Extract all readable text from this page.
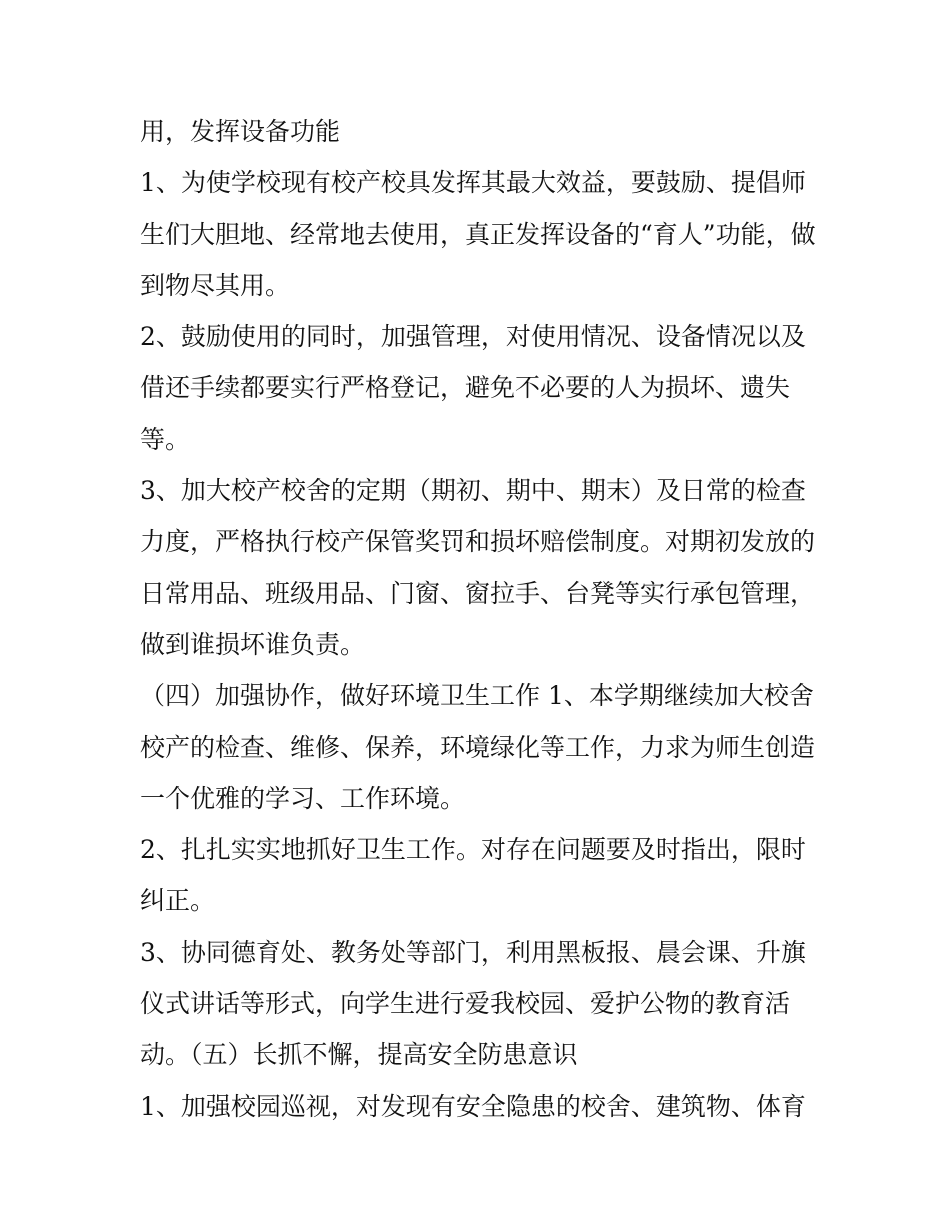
用，发挥设备功能
1、为使学校现有校产校具发挥其最大效益，要鼓励、提倡师
生们大胆地、经常地去使用，真正发挥设备的“育人”功能，做
到物尽其用。
2、鼓励使用的同时，加强管理，对使用情况、设备情况以及
借还手续都要实行严格登记，避免不必要的人为损坏、遗失
等。
3、加大校产校舍的定期（期初、期中、期末）及日常的检查
力度，严格执行校产保管奖罚和损坏赔偿制度。对期初发放的
日常用品、班级用品、门窗、窗拉手、台凳等实行承包管理，
做到谁损坏谁负责。
（四）加强协作，做好环境卫生工作 1、本学期继续加大校舍
校产的检查、维修、保养，环境绿化等工作，力求为师生创造
一个优雅的学习、工作环境。
2、扎扎实实地抓好卫生工作。对存在问题要及时指出，限时
纠正。
3、协同德育处、教务处等部门，利用黑板报、晨会课、升旗
仪式讲话等形式，向学生进行爱我校园、爱护公物的教育活
动。（五）长抓不懈，提高安全防患意识
1、加强校园巡视，对发现有安全隐患的校舍、建筑物、体育
